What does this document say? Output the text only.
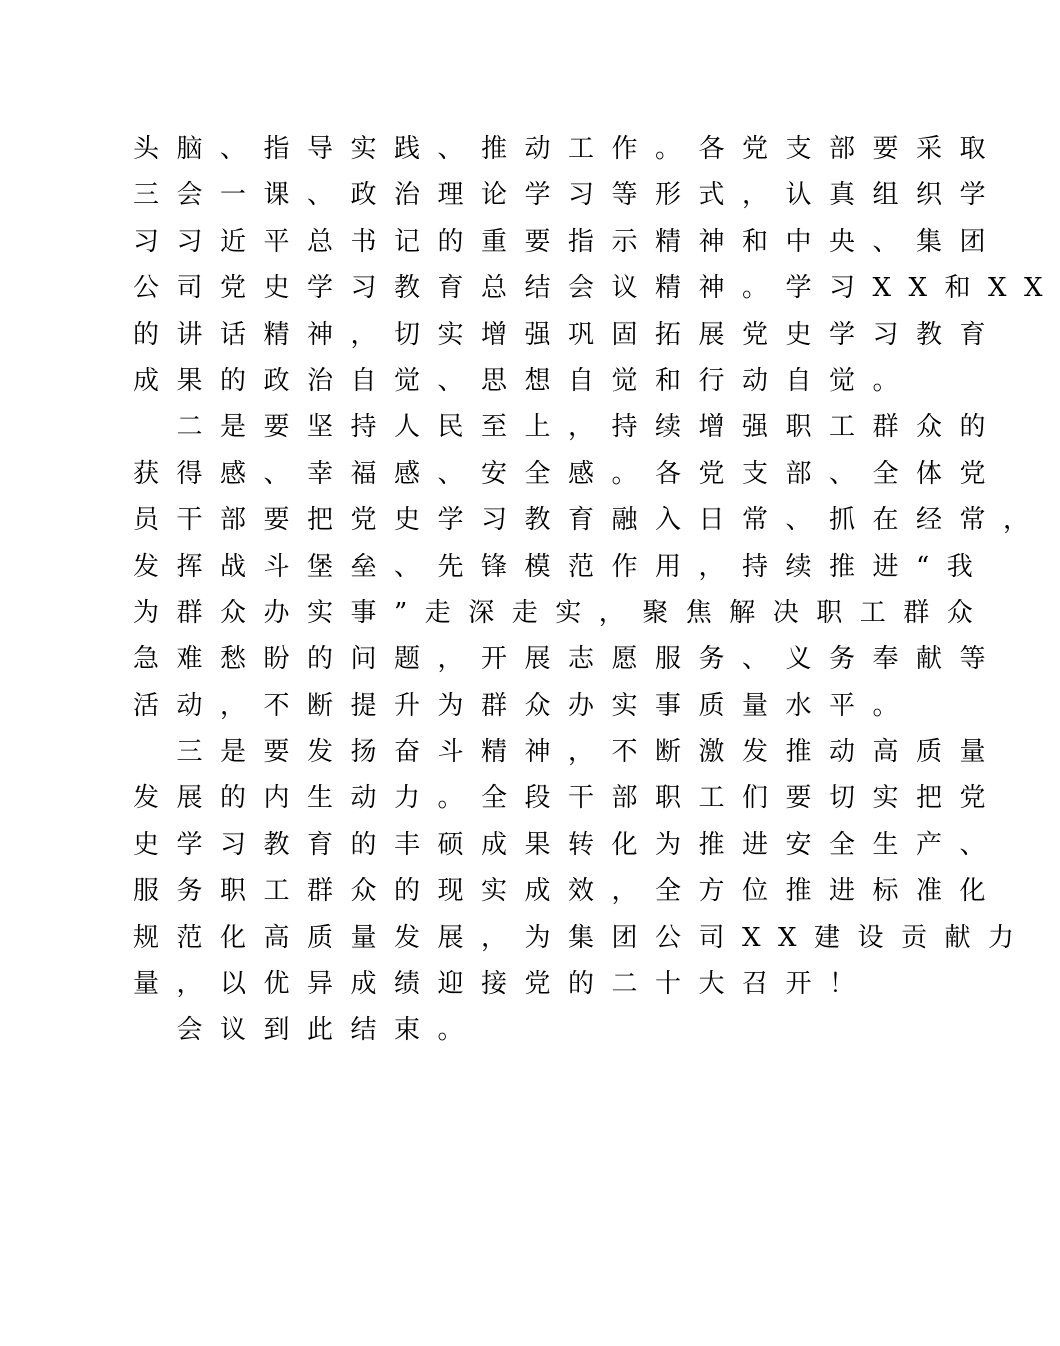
头脑、指导实践、推动工作。各党支部要采取
三会一课、政治理论学习等形式，认真组织学
习习近平总书记的重要指示精神和中央、集团
公司党史学习教育总结会议精神。学习XX和XX
的讲话精神，切实增强巩固拓展党史学习教育
成果的政治自觉、思想自觉和行动自觉。
　二是要坚持人民至上，持续增强职工群众的
获得感、幸福感、安全感。各党支部、全体党
员干部要把党史学习教育融入日常、抓在经常，
发挥战斗堡垒、先锋模范作用，持续推进“我
为群众办实事”走深走实，聚焦解决职工群众
急难愁盼的问题，开展志愿服务、义务奉献等
活动，不断提升为群众办实事质量水平。
　三是要发扬奋斗精神，不断激发推动高质量
发展的内生动力。全段干部职工们要切实把党
史学习教育的丰硕成果转化为推进安全生产、
服务职工群众的现实成效，全方位推进标准化
规范化高质量发展，为集团公司XX建设贡献力
量，以优异成绩迎接党的二十大召开！
　会议到此结束。
